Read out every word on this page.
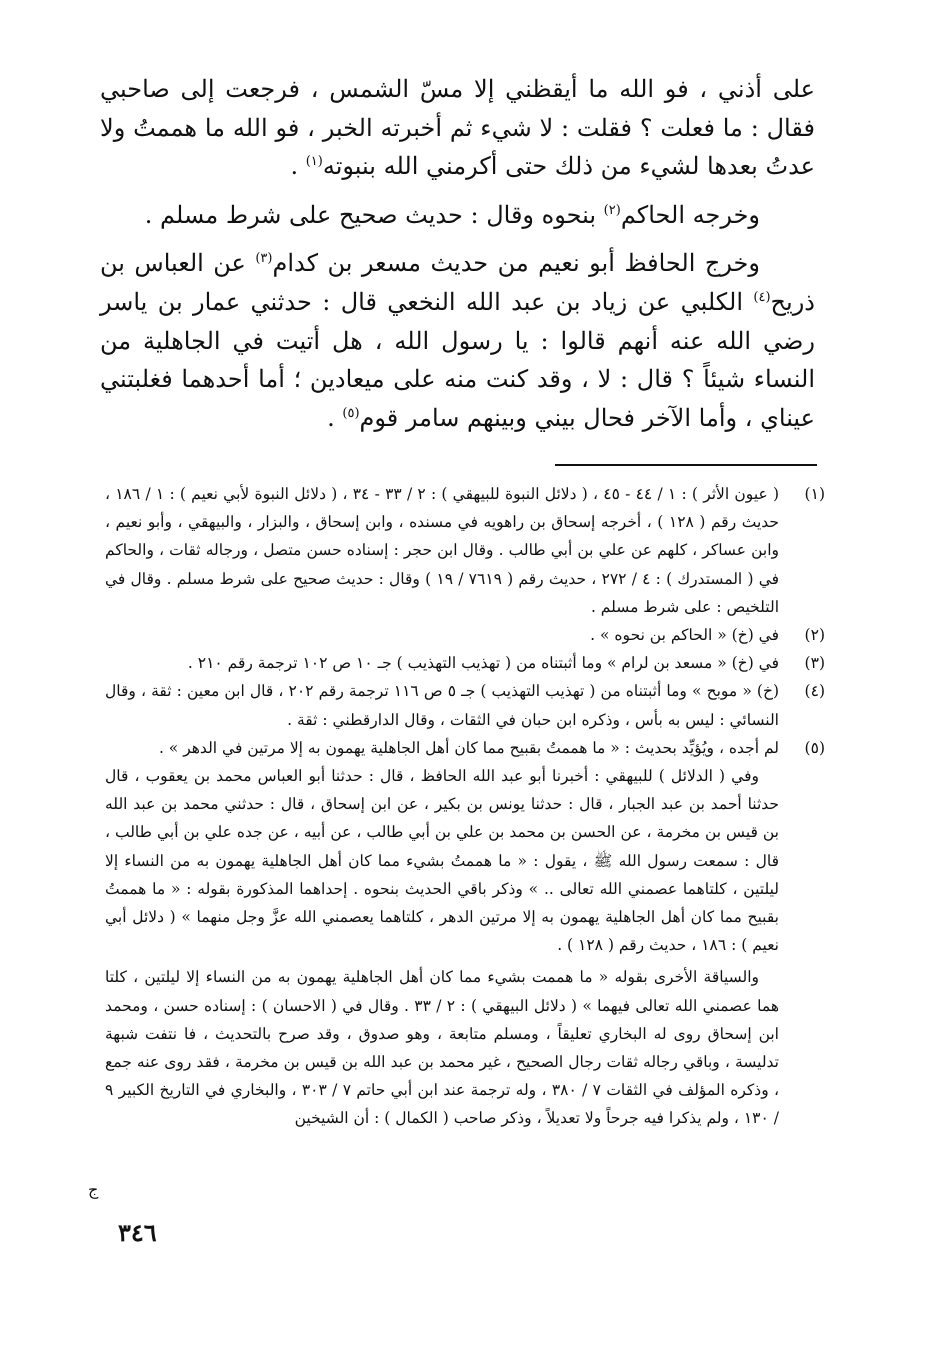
على أذني ، فو الله ما أيقظني إلا مسّ الشمس ، فرجعت إلى صاحبي فقال : ما فعلت ؟ فقلت : لا شيء ثم أخبرته الخبر ، فو الله ما هممتُ ولا عدتُ بعدها لشيء من ذلك حتى أكرمني الله بنبوته$^{(١)}$ .

وخرجه الحاكم$^{(٢)}$ بنحوه وقال : حديث صحيح على شرط مسلم .

وخرج الحافظ أبو نعيم من حديث مسعر بن كدام$^{(٣)}$ عن العباس بن ذريح$^{(٤)}$ الكلبي عن زياد بن عبد الله النخعي قال : حدثني عمار بن ياسر رضي الله عنه أنهم قالوا : يا رسول الله ، هل أتيت في الجاهلية من النساء شيئاً ؟ قال : لا ، وقد كنت منه على ميعادين ؛ أما أحدهما فغلبتني عيناي ، وأما الآخر فحال بيني وبينهم سامر قوم$^{(٥)}$ .

(١)
( عيون الأثر ) : ١ / ٤٤ - ٤٥ ، ( دلائل النبوة للبيهقي ) : ٢ / ٣٣ - ٣٤ ، ( دلائل النبوة لأبي نعيم ) : ١ / ١٨٦ ، حديث رقم ( ١٢٨ ) ، أخرجه إسحاق بن راهويه في مسنده ، وابن إسحاق ، والبزار ، والبيهقي ، وأبو نعيم ، وابن عساكر ، كلهم عن علي بن أبي طالب . وقال ابن حجر : إسناده حسن متصل ، ورجاله ثقات ، والحاكم في ( المستدرك ) : ٤ / ٢٧٢ ، حديث رقم ( ٧٦١٩ / ١٩ ) وقال : حديث صحيح على شرط مسلم . وقال في التلخيص : على شرط مسلم .
(٢)
في (خ) « الحاكم بن نحوه » .
(٣)
في (خ) « مسعد بن لرام » وما أثبتناه من ( تهذيب التهذيب ) جـ ١٠ ص ١٠٢ ترجمة رقم ٢١٠ .
(٤)
(خ) « موبح » وما أثبتناه من ( تهذيب التهذيب ) جـ ٥ ص ١١٦ ترجمة رقم ٢٠٢ ، قال ابن معين : ثقة ، وقال النسائي : ليس به بأس ، وذكره ابن حبان في الثقات ، وقال الدارقطني : ثقة .
(٥)

لم أجده ، ويُؤيِّد بحديث : « ما هممتُ بقبيح مما كان أهل الجاهلية يهمون به إلا مرتين في الدهر » .

وفي ( الدلائل ) للبيهقي : أخبرنا أبو عبد الله الحافظ ، قال : حدثنا أبو العباس محمد بن يعقوب ، قال حدثنا أحمد بن عبد الجبار ، قال : حدثنا يونس بن بكير ، عن ابن إسحاق ، قال : حدثني محمد بن عبد الله بن قيس بن مخرمة ، عن الحسن بن محمد بن علي بن أبي طالب ، عن أبيه ، عن جده علي بن أبي طالب ، قال : سمعت رسول الله ﷺ ، يقول : « ما هممتُ بشيء مما كان أهل الجاهلية يهمون به من النساء إلا ليلتين ، كلتاهما عصمني الله تعالى .. » وذكر باقي الحديث بنحوه . إحداهما المذكورة بقوله : « ما هممتُ بقبيح مما كان أهل الجاهلية يهمون به إلا مرتين الدهر ، كلتاهما يعصمني الله عزَّ وجل منهما » ( دلائل أبي نعيم ) : ١٨٦ ، حديث رقم ( ١٢٨ ) .

والسياقة الأخرى بقوله « ما هممت بشيء مما كان أهل الجاهلية يهمون به من النساء إلا ليلتين ، كلتا هما عصمني الله تعالى فيهما » ( دلائل البيهقي ) : ٢ / ٣٣ . وقال في ( الاحسان ) : إسناده حسن ، ومحمد ابن إسحاق روى له البخاري تعليقاً ، ومسلم متابعة ، وهو صدوق ، وقد صرح بالتحديث ، فا نتفت شبهة تدليسة ، وباقي رجاله ثقات رجال الصحيح ، غير محمد بن عبد الله بن قيس بن مخرمة ، فقد روى عنه جمع ، وذكره المؤلف في الثقات ٧ / ٣٨٠ ، وله ترجمة عند ابن أبي حاتم ٧ / ٣٠٣ ، والبخاري في التاريخ الكبير ٩ / ١٣٠ ، ولم يذكرا فيه جرحاً ولا تعديلاً ، وذكر صاحب ( الكمال ) : أن الشيخين

ج
٣٤٦
